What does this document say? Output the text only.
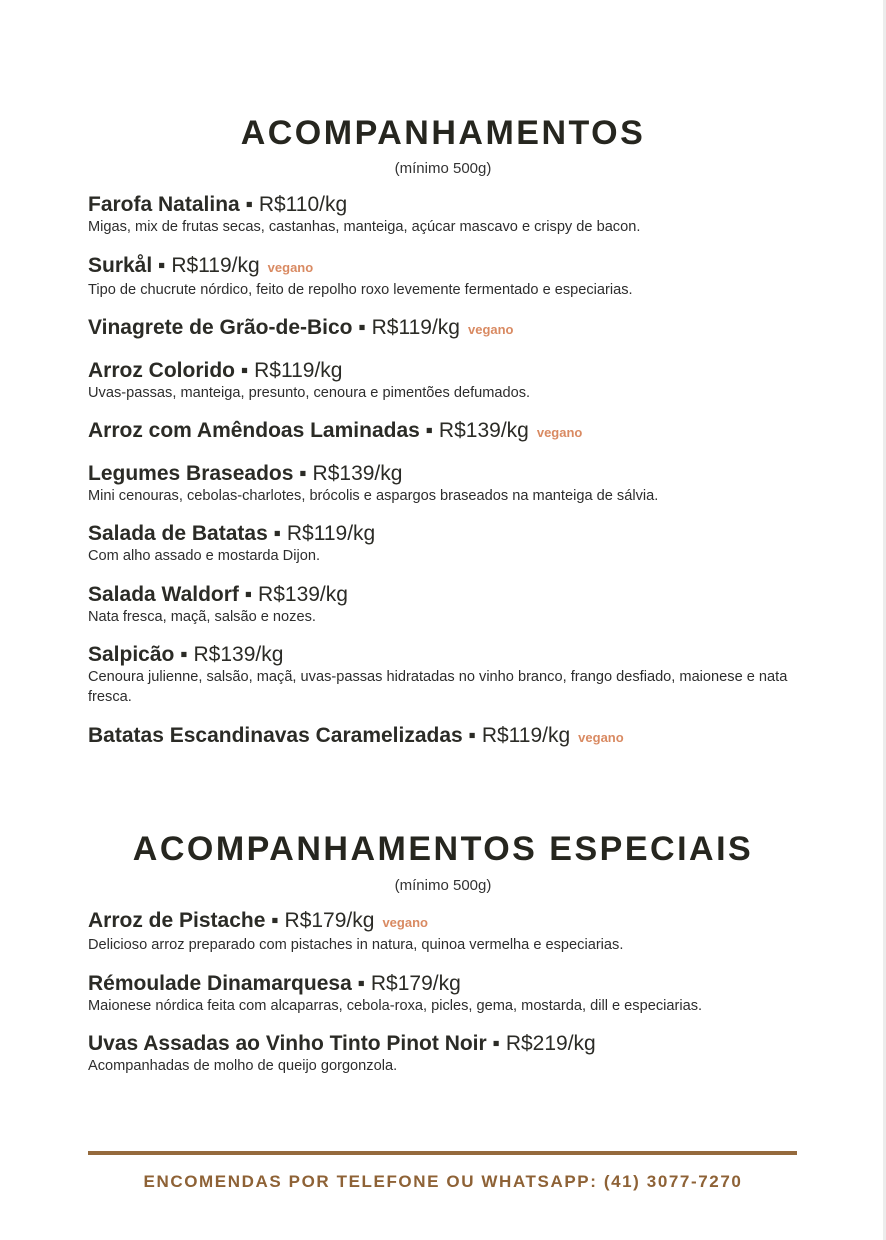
ACOMPANHAMENTOS
(mínimo 500g)
Farofa Natalina ▪ R$110/kg
Migas, mix de frutas secas, castanhas, manteiga, açúcar mascavo e crispy de bacon.
Surkål ▪ R$119/kg vegano
Tipo de chucrute nórdico, feito de repolho roxo levemente fermentado e especiarias.
Vinagrete de Grão-de-Bico ▪ R$119/kg vegano
Arroz Colorido ▪ R$119/kg
Uvas-passas, manteiga, presunto, cenoura e pimentões defumados.
Arroz com Amêndoas Laminadas ▪ R$139/kg vegano
Legumes Braseados ▪ R$139/kg
Mini cenouras, cebolas-charlotes, brócolis e aspargos braseados na manteiga de sálvia.
Salada de Batatas ▪ R$119/kg
Com alho assado e mostarda Dijon.
Salada Waldorf ▪ R$139/kg
Nata fresca, maçã, salsão e nozes.
Salpicão ▪ R$139/kg
Cenoura julienne, salsão, maçã, uvas-passas hidratadas no vinho branco, frango desfiado, maionese e nata fresca.
Batatas Escandinavas Caramelizadas ▪ R$119/kg vegano
ACOMPANHAMENTOS ESPECIAIS
(mínimo 500g)
Arroz de Pistache ▪ R$179/kg vegano
Delicioso arroz preparado com pistaches in natura, quinoa vermelha e especiarias.
Rémoulade Dinamarquesa ▪ R$179/kg
Maionese nórdica feita com alcaparras, cebola-roxa, picles, gema, mostarda, dill e especiarias.
Uvas Assadas ao Vinho Tinto Pinot Noir ▪ R$219/kg
Acompanhadas de molho de queijo gorgonzola.
ENCOMENDAS POR TELEFONE OU WHATSAPP: (41) 3077-7270
